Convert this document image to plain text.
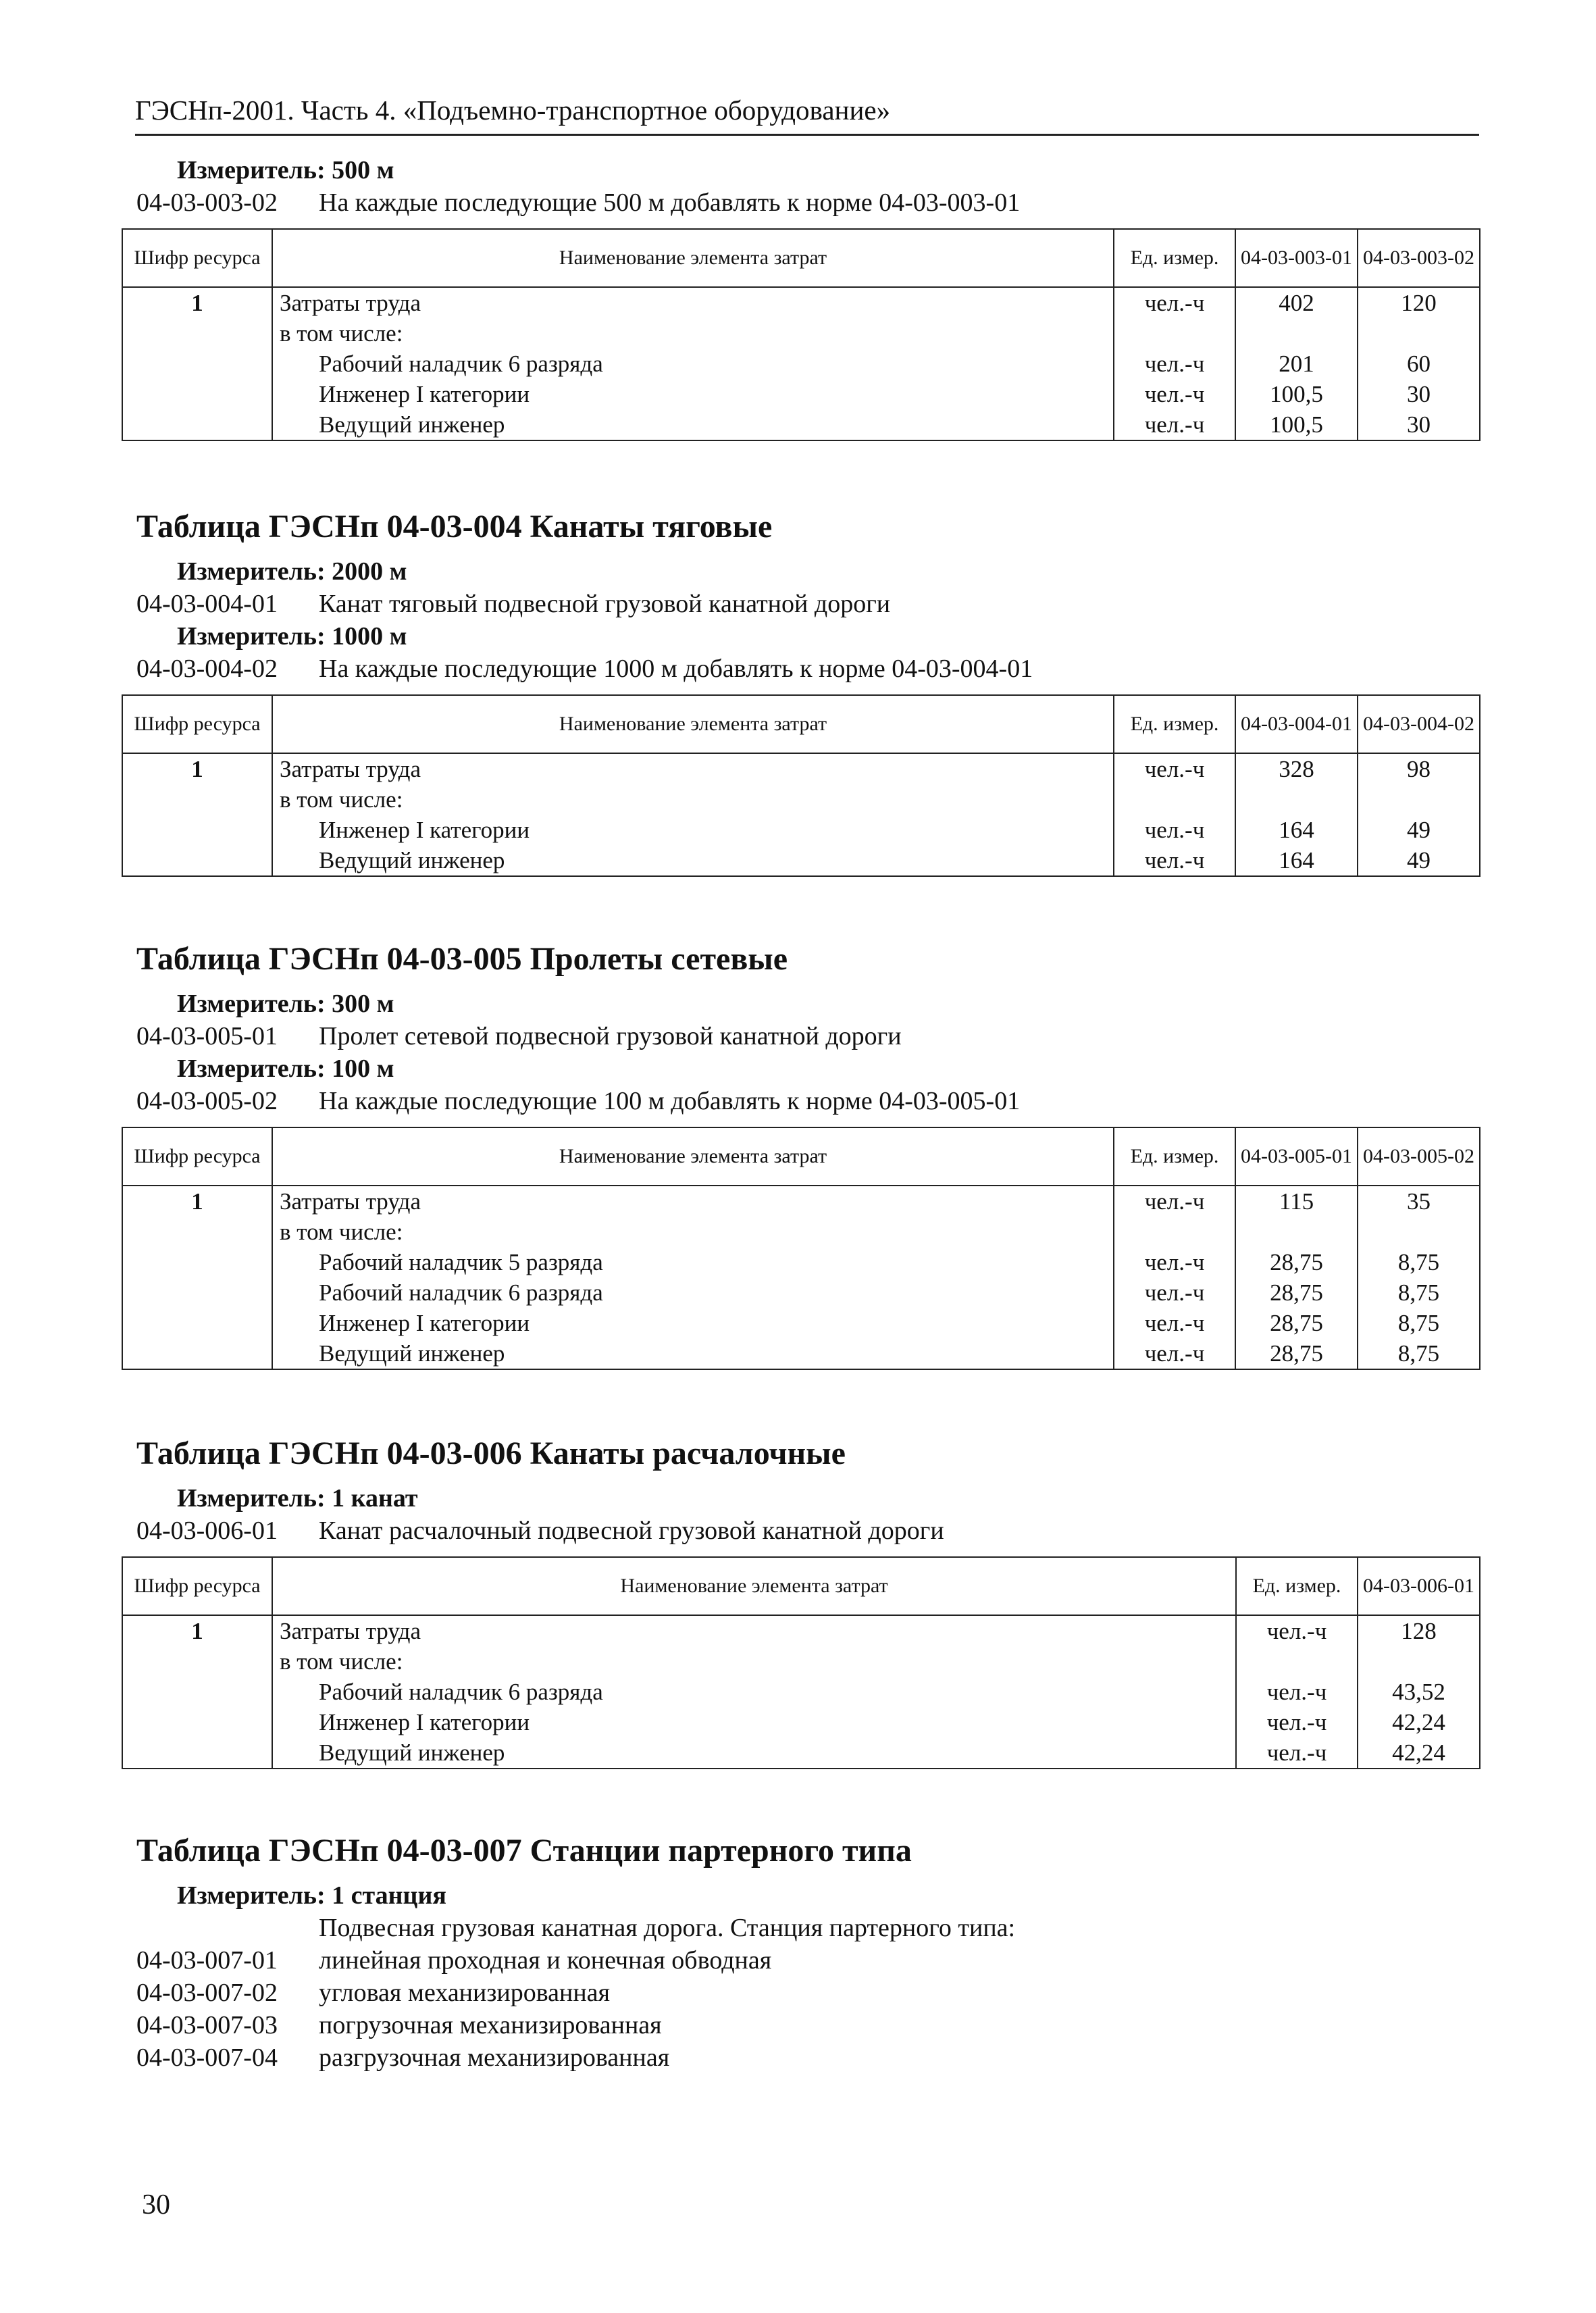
ГЭСНп-2001. Часть 4. «Подъемно-транспортное оборудование»
Измеритель: 500 м
04-03-003-02	На каждые последующие 500 м добавлять к норме 04-03-003-01
Шифр ресурса	Наименование элемента затрат	Ед. измер.	04-03-003-01	04-03-003-02
1	Затраты труда	чел.-ч	402	120
	в том числе:			
	Рабочий наладчик 6 разряда	чел.-ч	201	60
	Инженер I категории	чел.-ч	100,5	30
	Ведущий инженер	чел.-ч	100,5	30
Таблица ГЭСНп 04-03-004 Канаты тяговые
Измеритель: 2000 м
04-03-004-01	Канат тяговый подвесной грузовой канатной дороги
Измеритель: 1000 м
04-03-004-02	На каждые последующие 1000 м добавлять к норме 04-03-004-01
Шифр ресурса	Наименование элемента затрат	Ед. измер.	04-03-004-01	04-03-004-02
1	Затраты труда	чел.-ч	328	98
	в том числе:			
	Инженер I категории	чел.-ч	164	49
	Ведущий инженер	чел.-ч	164	49
Таблица ГЭСНп 04-03-005 Пролеты сетевые
Измеритель: 300 м
04-03-005-01	Пролет сетевой подвесной грузовой канатной дороги
Измеритель: 100 м
04-03-005-02	На каждые последующие 100 м добавлять к норме 04-03-005-01
Шифр ресурса	Наименование элемента затрат	Ед. измер.	04-03-005-01	04-03-005-02
1	Затраты труда	чел.-ч	115	35
	в том числе:			
	Рабочий наладчик 5 разряда	чел.-ч	28,75	8,75
	Рабочий наладчик 6 разряда	чел.-ч	28,75	8,75
	Инженер I категории	чел.-ч	28,75	8,75
	Ведущий инженер	чел.-ч	28,75	8,75
Таблица ГЭСНп 04-03-006 Канаты расчалочные
Измеритель: 1 канат
04-03-006-01	Канат расчалочный подвесной грузовой канатной дороги
Шифр ресурса	Наименование элемента затрат	Ед. измер.	04-03-006-01
1	Затраты труда	чел.-ч	128
	в том числе:		
	Рабочий наладчик 6 разряда	чел.-ч	43,52
	Инженер I категории	чел.-ч	42,24
	Ведущий инженер	чел.-ч	42,24
Таблица ГЭСНп 04-03-007 Станции партерного типа
Измеритель: 1 станция
Подвесная грузовая канатная дорога. Станция партерного типа:
04-03-007-01	линейная проходная и конечная обводная
04-03-007-02	угловая механизированная
04-03-007-03	погрузочная механизированная
04-03-007-04	разгрузочная механизированная
30
